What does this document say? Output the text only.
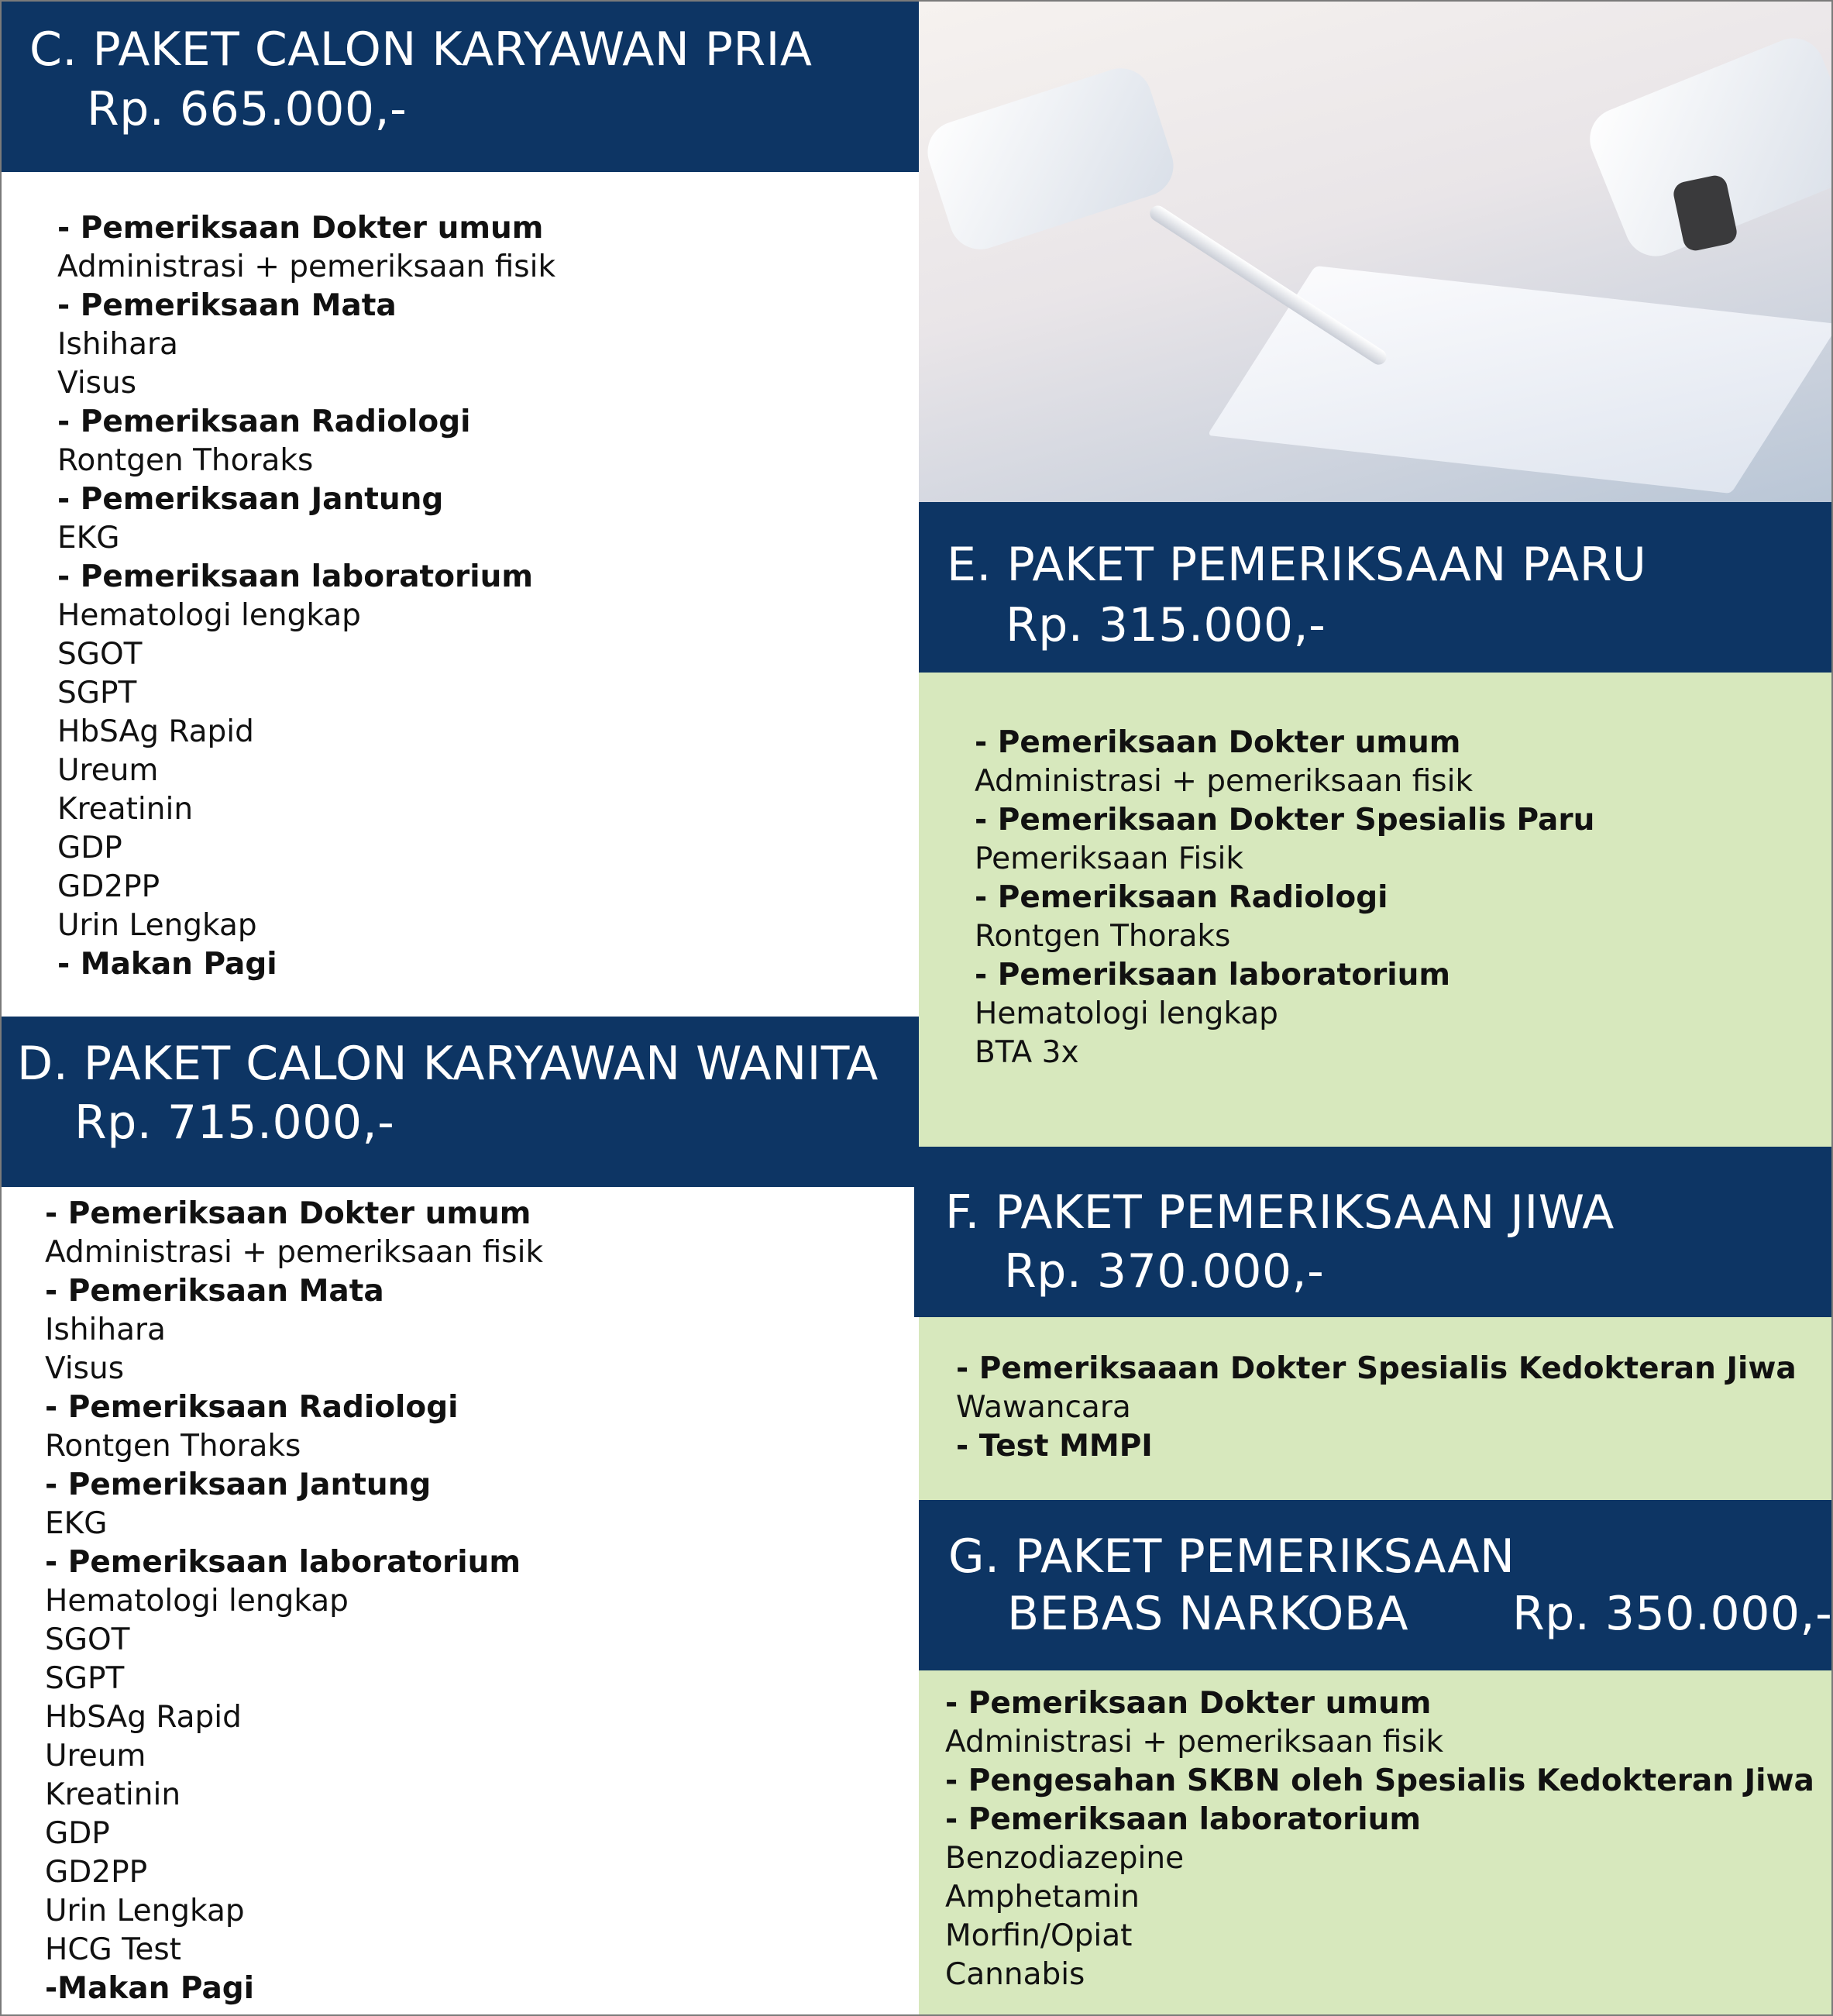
C. PAKET CALON KARYAWAN PRIA
Rp. 665.000,-
- Pemeriksaan Dokter umum
Administrasi + pemeriksaan fisik
- Pemeriksaan Mata
Ishihara
Visus
- Pemeriksaan Radiologi
Rontgen Thoraks
- Pemeriksaan Jantung
EKG
- Pemeriksaan laboratorium
Hematologi lengkap
SGOT
SGPT
HbSAg Rapid
Ureum
Kreatinin
GDP
GD2PP
Urin Lengkap
- Makan Pagi
D. PAKET CALON KARYAWAN WANITA
Rp. 715.000,-
- Pemeriksaan Dokter umum
Administrasi + pemeriksaan fisik
- Pemeriksaan Mata
Ishihara
Visus
- Pemeriksaan Radiologi
Rontgen Thoraks
- Pemeriksaan Jantung
EKG
- Pemeriksaan laboratorium
Hematologi lengkap
SGOT
SGPT
HbSAg Rapid
Ureum
Kreatinin
GDP
GD2PP
Urin Lengkap
HCG Test
-Makan Pagi
E. PAKET PEMERIKSAAN PARU
Rp. 315.000,-
- Pemeriksaan Dokter umum
Administrasi + pemeriksaan fisik
- Pemeriksaan Dokter Spesialis Paru
Pemeriksaan Fisik
- Pemeriksaan Radiologi
Rontgen Thoraks
- Pemeriksaan laboratorium
Hematologi lengkap
BTA 3x
F. PAKET PEMERIKSAAN JIWA
Rp. 370.000,-
- Pemeriksaaan Dokter Spesialis Kedokteran Jiwa
Wawancara
- Test MMPI
G. PAKET PEMERIKSAAN
BEBAS NARKOBA Rp. 350.000,-
- Pemeriksaan Dokter umum
Administrasi + pemeriksaan fisik
- Pengesahan SKBN oleh Spesialis Kedokteran Jiwa
- Pemeriksaan laboratorium
Benzodiazepine
Amphetamin
Morfin/Opiat
Cannabis
